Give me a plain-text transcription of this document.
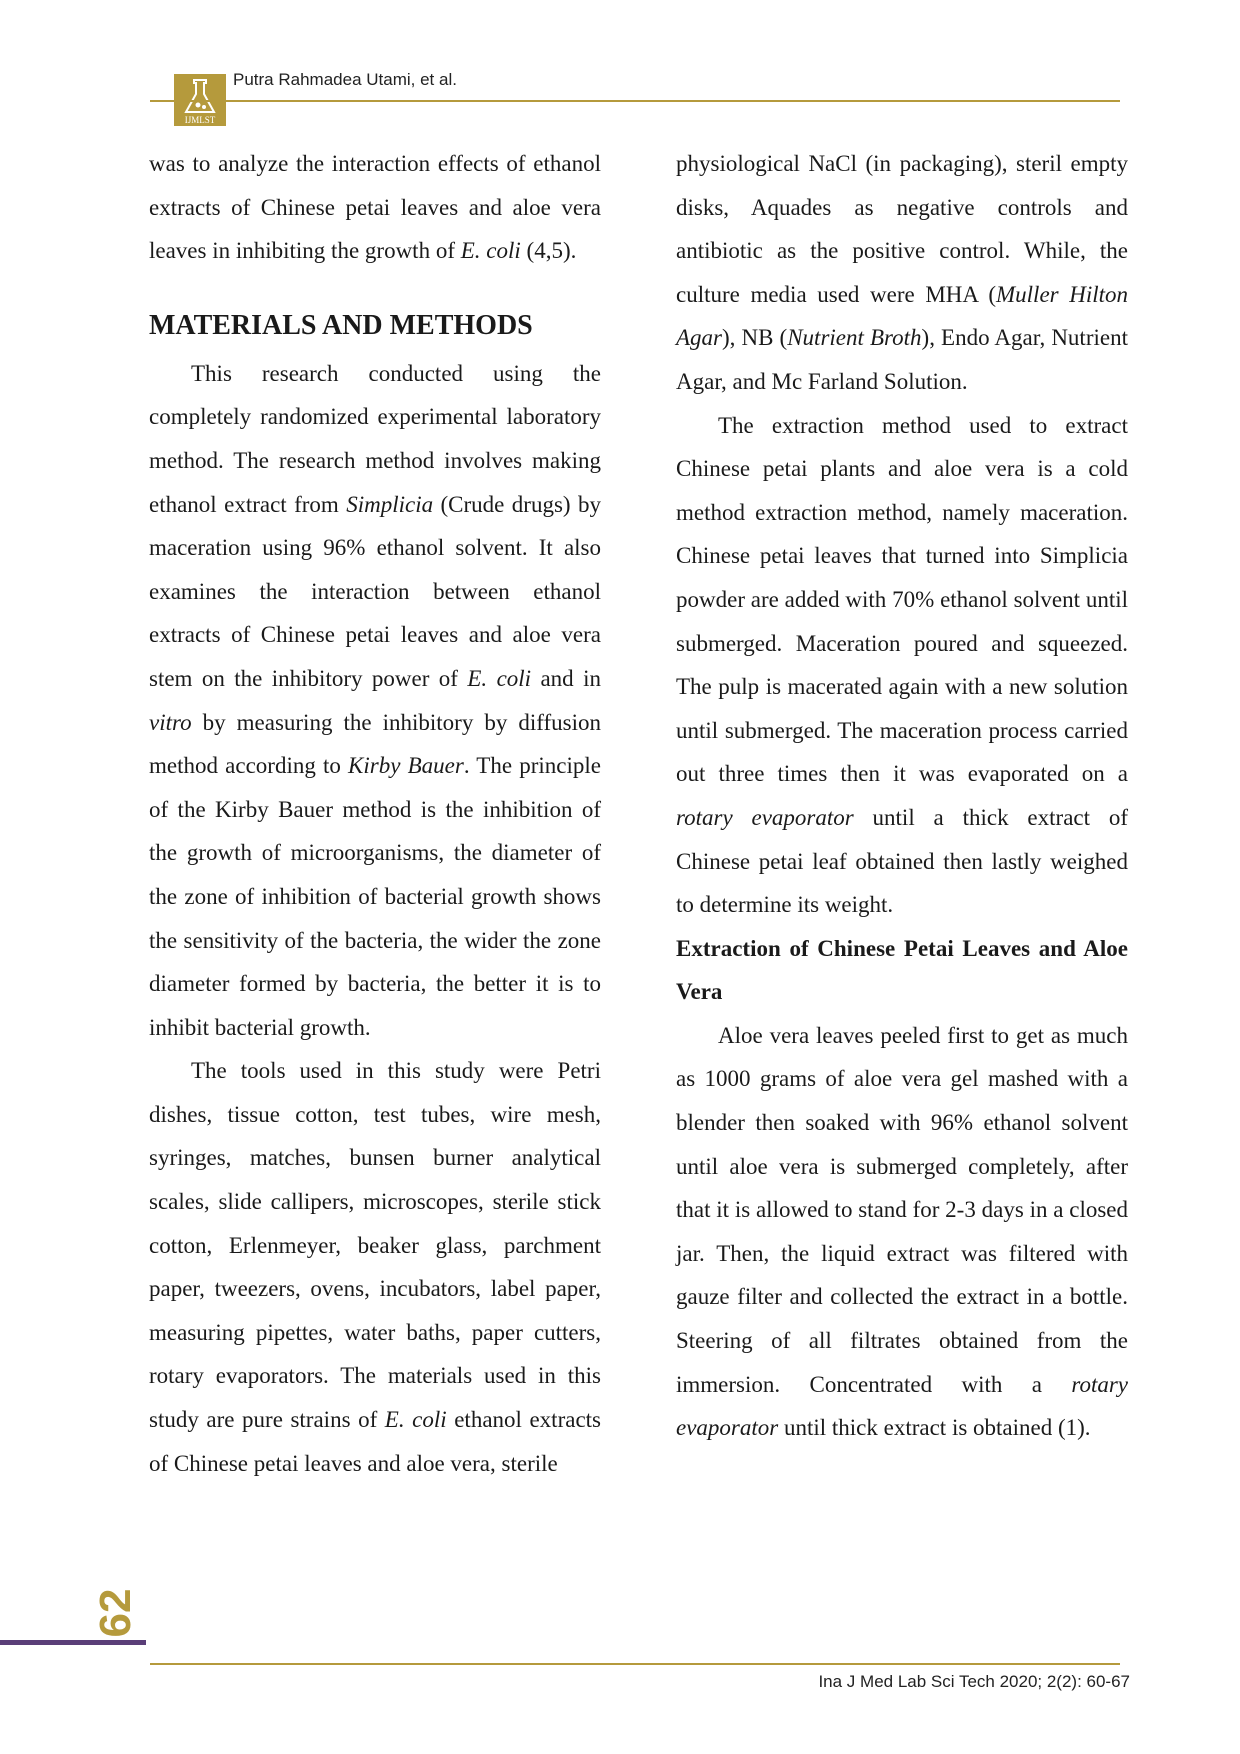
IJMLST
Putra Rahmadea Utami, et al.

was to analyze the interaction effects of ethanol extracts of Chinese petai leaves and aloe vera leaves in inhibiting the growth of E. coli (4,5).

MATERIALS AND METHODS

This research conducted using the completely randomized experimental laboratory method. The research method involves making ethanol extract from Simplicia (Crude drugs) by maceration using 96% ethanol solvent. It also examines the interaction between ethanol extracts of Chinese petai leaves and aloe vera stem on the inhibitory power of E. coli and in vitro by measuring the inhibitory by diffusion method according to Kirby Bauer. The principle of the Kirby Bauer method is the inhibition of the growth of microorganisms, the diameter of the zone of inhibition of bacterial growth shows the sensitivity of the bacteria, the wider the zone diameter formed by bacteria, the better it is to inhibit bacterial growth.

The tools used in this study were Petri dishes, tissue cotton, test tubes, wire mesh, syringes, matches, bunsen burner analytical scales, slide callipers, microscopes, sterile stick cotton, Erlenmeyer, beaker glass, parchment paper, tweezers, ovens, incubators, label paper, measuring pipettes, water baths, paper cutters, rotary evaporators. The materials used in this study are pure strains of E. coli ethanol extracts of Chinese petai leaves and aloe vera, sterile

physiological NaCl (in packaging), steril empty disks, Aquades as negative controls and antibiotic as the positive control. While, the culture media used were MHA (Muller Hilton Agar), NB (Nutrient Broth), Endo Agar, Nutrient Agar, and Mc Farland Solution.

The extraction method used to extract Chinese petai plants and aloe vera is a cold method extraction method, namely maceration. Chinese petai leaves that turned into Simplicia powder are added with 70% ethanol solvent until submerged. Maceration poured and squeezed. The pulp is macerated again with a new solution until submerged. The maceration process carried out three times then it was evaporated on a rotary evaporator until a thick extract of Chinese petai leaf obtained then lastly weighed to determine its weight.

Extraction of Chinese Petai Leaves and Aloe Vera

Aloe vera leaves peeled first to get as much as 1000 grams of aloe vera gel mashed with a blender then soaked with 96% ethanol solvent until aloe vera is submerged completely, after that it is allowed to stand for 2-3 days in a closed jar. Then, the liquid extract was filtered with gauze filter and collected the extract in a bottle. Steering of all filtrates obtained from the immersion. Concentrated with a rotary evaporator until thick extract is obtained (1).

62
Ina J Med Lab Sci Tech 2020; 2(2): 60-67
